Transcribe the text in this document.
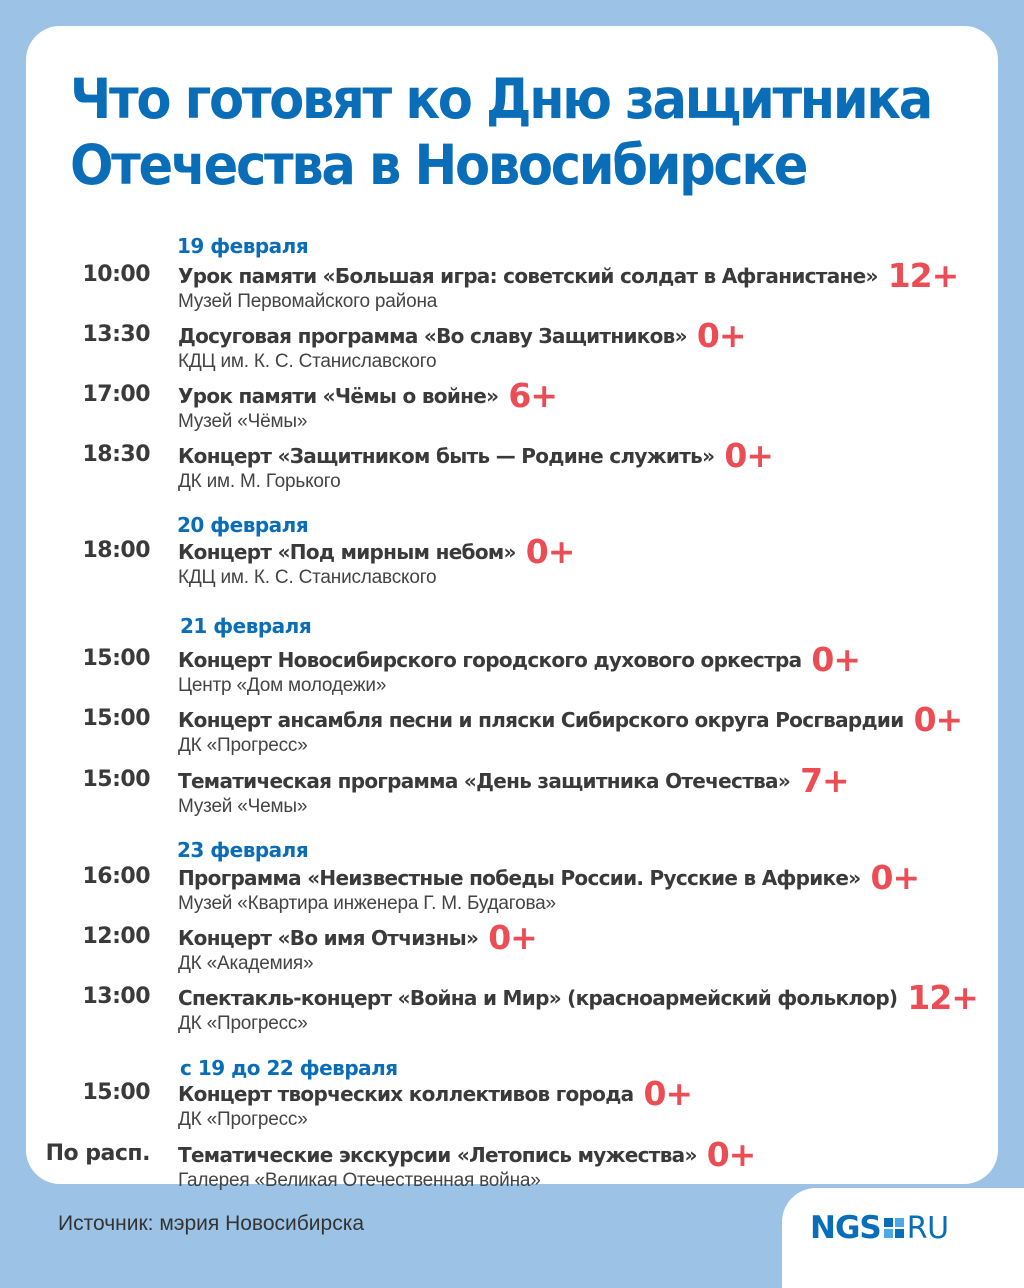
Что готовят ко Дню защитника
Отечества в Новосибирске
19 февраля
10:00 Урок памяти «Большая игра: советский солдат в Афганистане» 12+
Музей Первомайского района
13:30 Досуговая программа «Во славу Защитников» 0+
КДЦ им. К. С. Станиславского
17:00 Урок памяти «Чёмы о войне» 6+
Музей «Чёмы»
18:30 Концерт «Защитником быть — Родине служить» 0+
ДК им. М. Горького
20 февраля
18:00 Концерт «Под мирным небом» 0+
КДЦ им. К. С. Станиславского
21 февраля
15:00 Концерт Новосибирского городского духового оркестра 0+
Центр «Дом молодежи»
15:00 Концерт ансамбля песни и пляски Сибирского округа Росгвардии 0+
ДК «Прогресс»
15:00 Тематическая программа «День защитника Отечества» 7+
Музей «Чемы»
23 февраля
16:00 Программа «Неизвестные победы России. Русские в Африке» 0+
Музей «Квартира инженера Г. М. Будагова»
12:00 Концерт «Во имя Отчизны» 0+
ДК «Академия»
13:00 Спектакль-концерт «Война и Мир» (красноармейский фольклор) 12+
ДК «Прогресс»
с 19 до 22 февраля
15:00 Концерт творческих коллективов города 0+
ДК «Прогресс»
По расп. Тематические экскурсии «Летопись мужества» 0+
Галерея «Великая Отечественная война»
Источник: мэрия Новосибирска	NGS RU
